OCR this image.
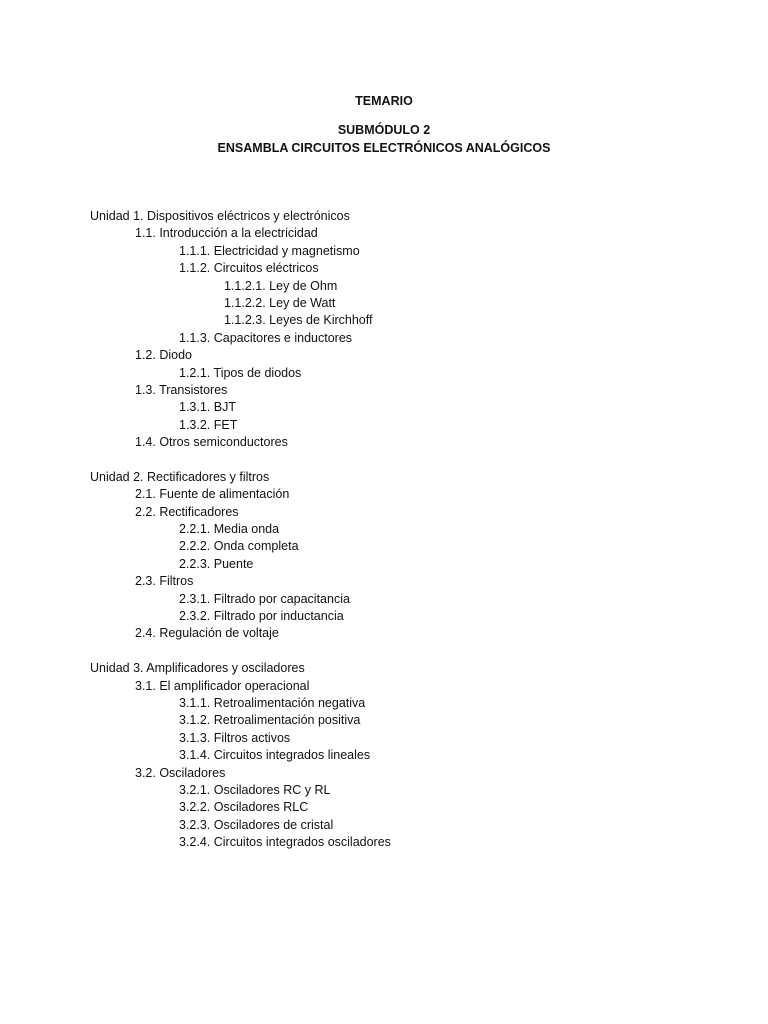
TEMARIO
SUBMÓDULO 2
ENSAMBLA CIRCUITOS ELECTRÓNICOS ANALÓGICOS
Unidad 1. Dispositivos eléctricos y electrónicos
1.1. Introducción a la electricidad
1.1.1. Electricidad y magnetismo
1.1.2. Circuitos eléctricos
1.1.2.1. Ley de Ohm
1.1.2.2. Ley de Watt
1.1.2.3. Leyes de Kirchhoff
1.1.3. Capacitores e inductores
1.2. Diodo
1.2.1. Tipos de diodos
1.3. Transistores
1.3.1. BJT
1.3.2. FET
1.4. Otros semiconductores
Unidad 2. Rectificadores y filtros
2.1. Fuente de alimentación
2.2. Rectificadores
2.2.1. Media onda
2.2.2. Onda completa
2.2.3. Puente
2.3. Filtros
2.3.1. Filtrado por capacitancia
2.3.2. Filtrado por inductancia
2.4. Regulación de voltaje
Unidad 3. Amplificadores y osciladores
3.1. El amplificador operacional
3.1.1. Retroalimentación negativa
3.1.2. Retroalimentación positiva
3.1.3. Filtros activos
3.1.4. Circuitos integrados lineales
3.2. Osciladores
3.2.1. Osciladores RC y RL
3.2.2. Osciladores RLC
3.2.3. Osciladores de cristal
3.2.4. Circuitos integrados osciladores
